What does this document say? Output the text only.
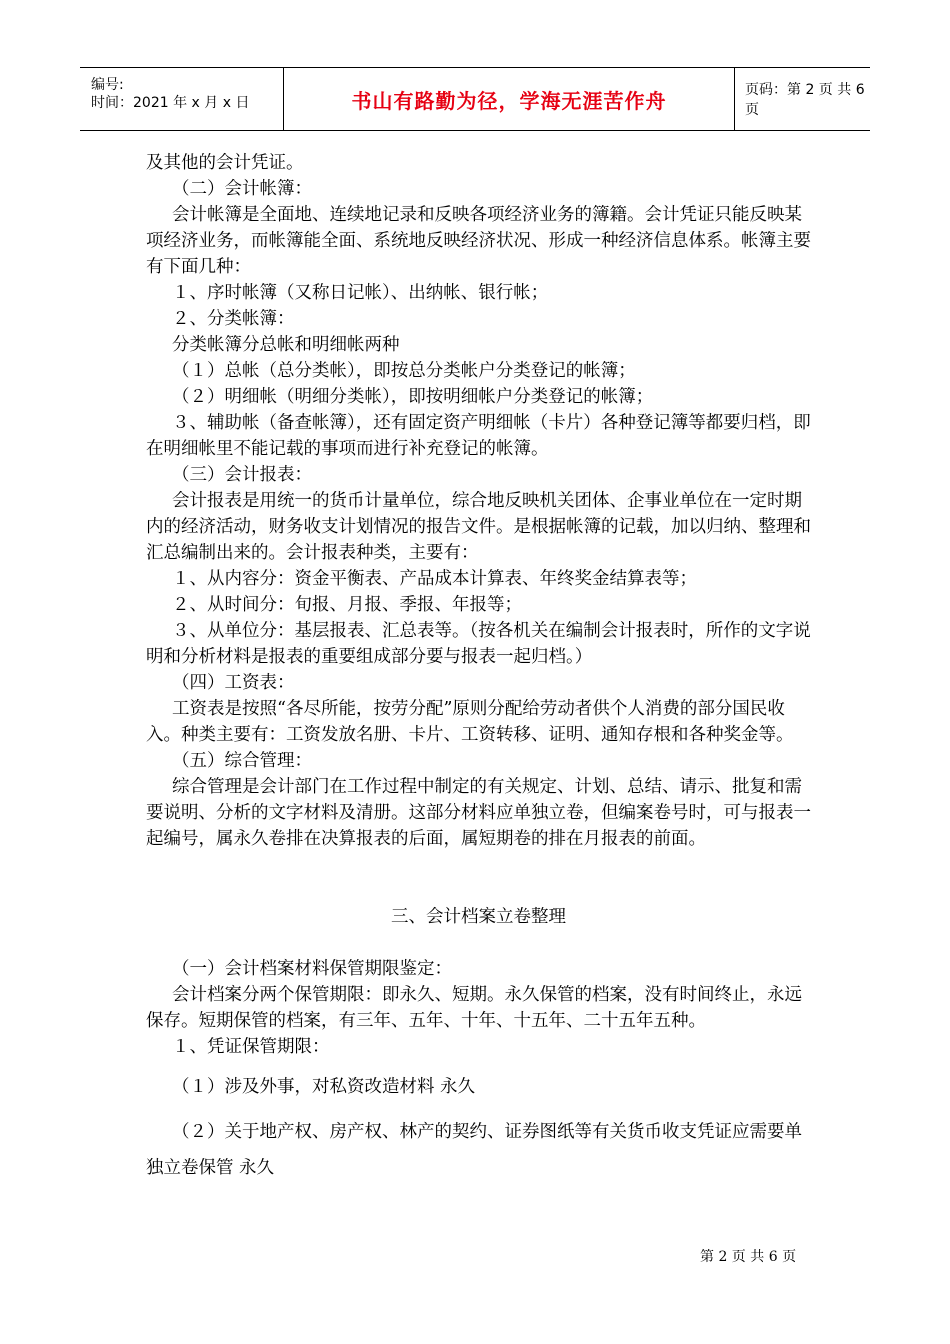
编号:
时间：2021 年 x 月 x 日	书山有路勤为径，学海无涯苦作舟	页码：第 2 页 共 6 页

及其他的会计凭证。

（二）会计帐簿：

会计帐簿是全面地、连续地记录和反映各项经济业务的簿籍。会计凭证只能反映某项经济业务，而帐簿能全面、系统地反映经济状况、形成一种经济信息体系。帐簿主要有下面几种：

１、序时帐簿（又称日记帐）、出纳帐、银行帐；

２、分类帐簿：

分类帐簿分总帐和明细帐两种

（１）总帐（总分类帐），即按总分类帐户分类登记的帐簿；

（２）明细帐（明细分类帐），即按明细帐户分类登记的帐簿；

３、辅助帐（备查帐簿），还有固定资产明细帐（卡片）各种登记簿等都要归档，即在明细帐里不能记载的事项而进行补充登记的帐簿。

（三）会计报表：

会计报表是用统一的货币计量单位，综合地反映机关团体、企事业单位在一定时期内的经济活动，财务收支计划情况的报告文件。是根据帐簿的记载，加以归纳、整理和汇总编制出来的。会计报表种类，主要有：

１、从内容分：资金平衡表、产品成本计算表、年终奖金结算表等；

２、从时间分：旬报、月报、季报、年报等；

３、从单位分：基层报表、汇总表等。（按各机关在编制会计报表时，所作的文字说明和分析材料是报表的重要组成部分要与报表一起归档。）

（四）工资表：

工资表是按照“各尽所能，按劳分配”原则分配给劳动者供个人消费的部分国民收入。种类主要有：工资发放名册、卡片、工资转移、证明、通知存根和各种奖金等。

（五）综合管理：

综合管理是会计部门在工作过程中制定的有关规定、计划、总结、请示、批复和需要说明、分析的文字材料及清册。这部分材料应单独立卷，但编案卷号时，可与报表一起编号，属永久卷排在决算报表的后面，属短期卷的排在月报表的前面。

三、会计档案立卷整理

（一）会计档案材料保管期限鉴定：

会计档案分两个保管期限：即永久、短期。永久保管的档案，没有时间终止，永远保存。短期保管的档案，有三年、五年、十年、十五年、二十五年五种。

１、凭证保管期限：

（１）涉及外事，对私资改造材料 永久

（２）关于地产权、房产权、林产的契约、证券图纸等有关货币收支凭证应需要单独立卷保管 永久

第 2 页 共 6 页
